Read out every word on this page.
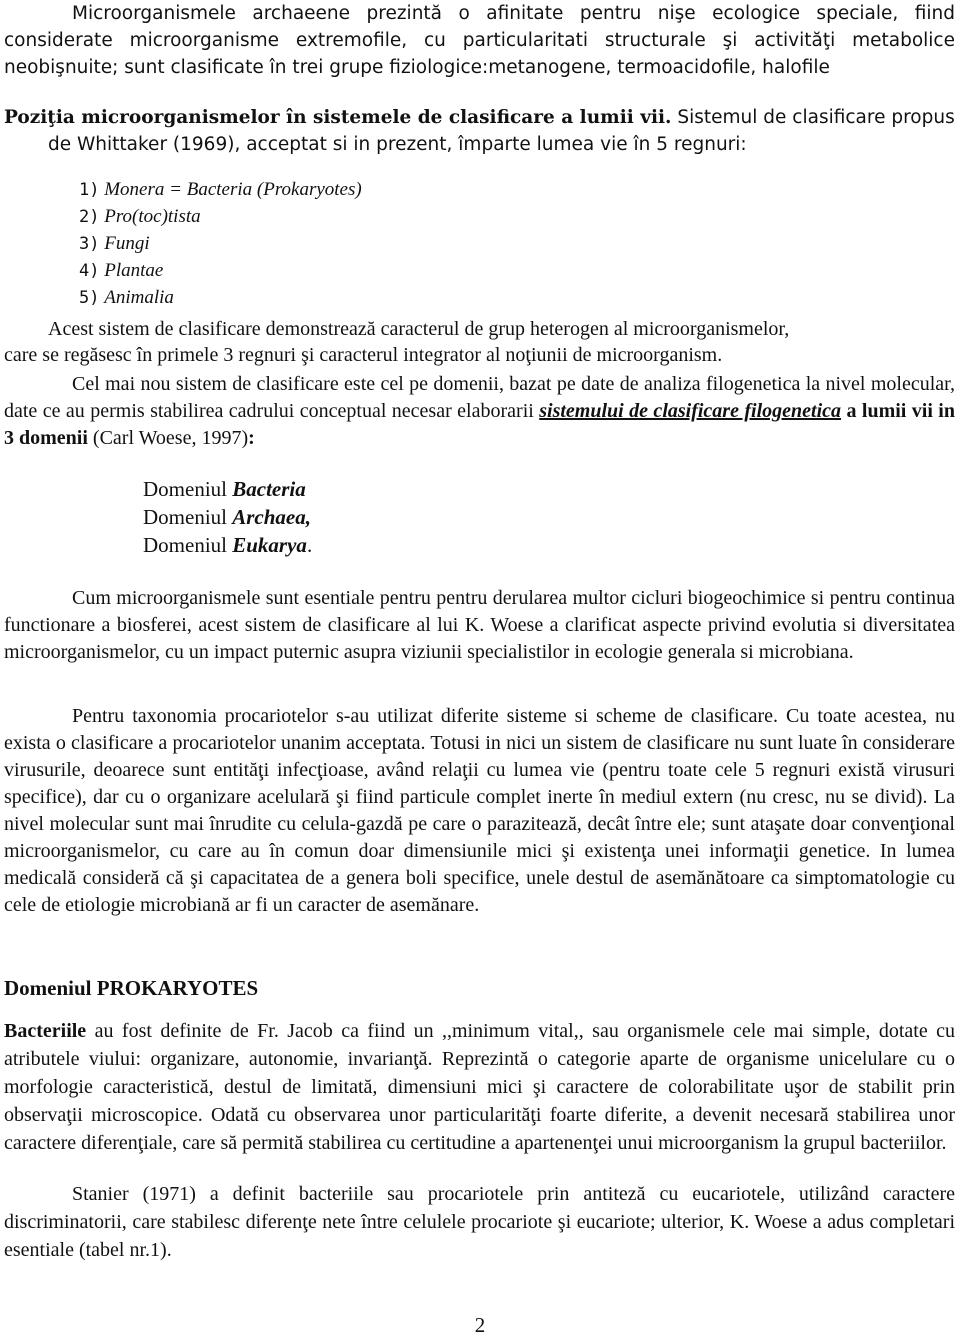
Microorganismele archaeene prezintă o afinitate pentru nişe ecologice speciale, fiind considerate microorganisme extremofile, cu particularitati structurale şi activităţi metabolice neobişnuite; sunt clasificate în trei grupe fiziologice:metanogene, termoacidofile, halofile

Poziţia microorganismelor în sistemele de clasificare a lumii vii. Sistemul de clasificare propus

de Whittaker (1969), acceptat si in prezent, împarte lumea vie în 5 regnuri:

1) Monera = Bacteria (Prokaryotes)
2) Pro(toc)tista
3) Fungi
4) Plantae
5) Animalia

Acest sistem de clasificare demonstrează caracterul de grup heterogen al microorganismelor,

care se regăsesc în primele 3 regnuri şi caracterul integrator al noţiunii de microorganism.

Cel mai nou sistem de clasificare este cel pe domenii, bazat pe date de analiza filogenetica la nivel molecular, date ce au permis stabilirea cadrului conceptual necesar elaborarii sistemului de clasificare filogenetica a lumii vii in 3 domenii (Carl Woese, 1997):

Domeniul Bacteria
Domeniul Archaea,
Domeniul Eukarya.

Cum microorganismele sunt esentiale pentru pentru derularea multor cicluri biogeochimice si pentru continua functionare a biosferei, acest sistem de clasificare al lui K. Woese a clarificat aspecte privind evolutia si diversitatea microorganismelor, cu un impact puternic asupra viziunii specialistilor in ecologie generala si microbiana.

Pentru taxonomia procariotelor s-au utilizat diferite sisteme si scheme de clasificare. Cu toate acestea, nu exista o clasificare a procariotelor unanim acceptata. Totusi in nici un sistem de clasificare nu sunt luate în considerare virusurile, deoarece sunt entităţi infecţioase, având relaţii cu lumea vie (pentru toate cele 5 regnuri există virusuri specifice), dar cu o organizare acelulară şi fiind particule complet inerte în mediul extern (nu cresc, nu se divid). La nivel molecular sunt mai înrudite cu celula-gazdă pe care o parazitează, decât între ele; sunt ataşate doar convenţional microorganismelor, cu care au în comun doar dimensiunile mici şi existenţa unei informaţii genetice. In lumea medicală consideră că şi capacitatea de a genera boli specifice, unele destul de asemănătoare ca simptomatologie cu cele de etiologie microbiană ar fi un caracter de asemănare.

Domeniul PROKARYOTES

Bacteriile au fost definite de Fr. Jacob ca fiind un ,,minimum vital,, sau organismele cele mai simple, dotate cu atributele viului: organizare, autonomie, invarianţă. Reprezintă o categorie aparte de organisme unicelulare cu o morfologie caracteristică, destul de limitată, dimensiuni mici şi caractere de colorabilitate uşor de stabilit prin observaţii microscopice. Odată cu observarea unor particularităţi foarte diferite, a devenit necesară stabilirea unor caractere diferenţiale, care să permită stabilirea cu certitudine a apartenenţei unui microorganism la grupul bacteriilor.

Stanier (1971) a definit bacteriile sau procariotele prin antiteză cu eucariotele, utilizând caractere discriminatorii, care stabilesc diferenţe nete între celulele procariote şi eucariote; ulterior, K. Woese a adus completari esentiale (tabel nr.1).

2
